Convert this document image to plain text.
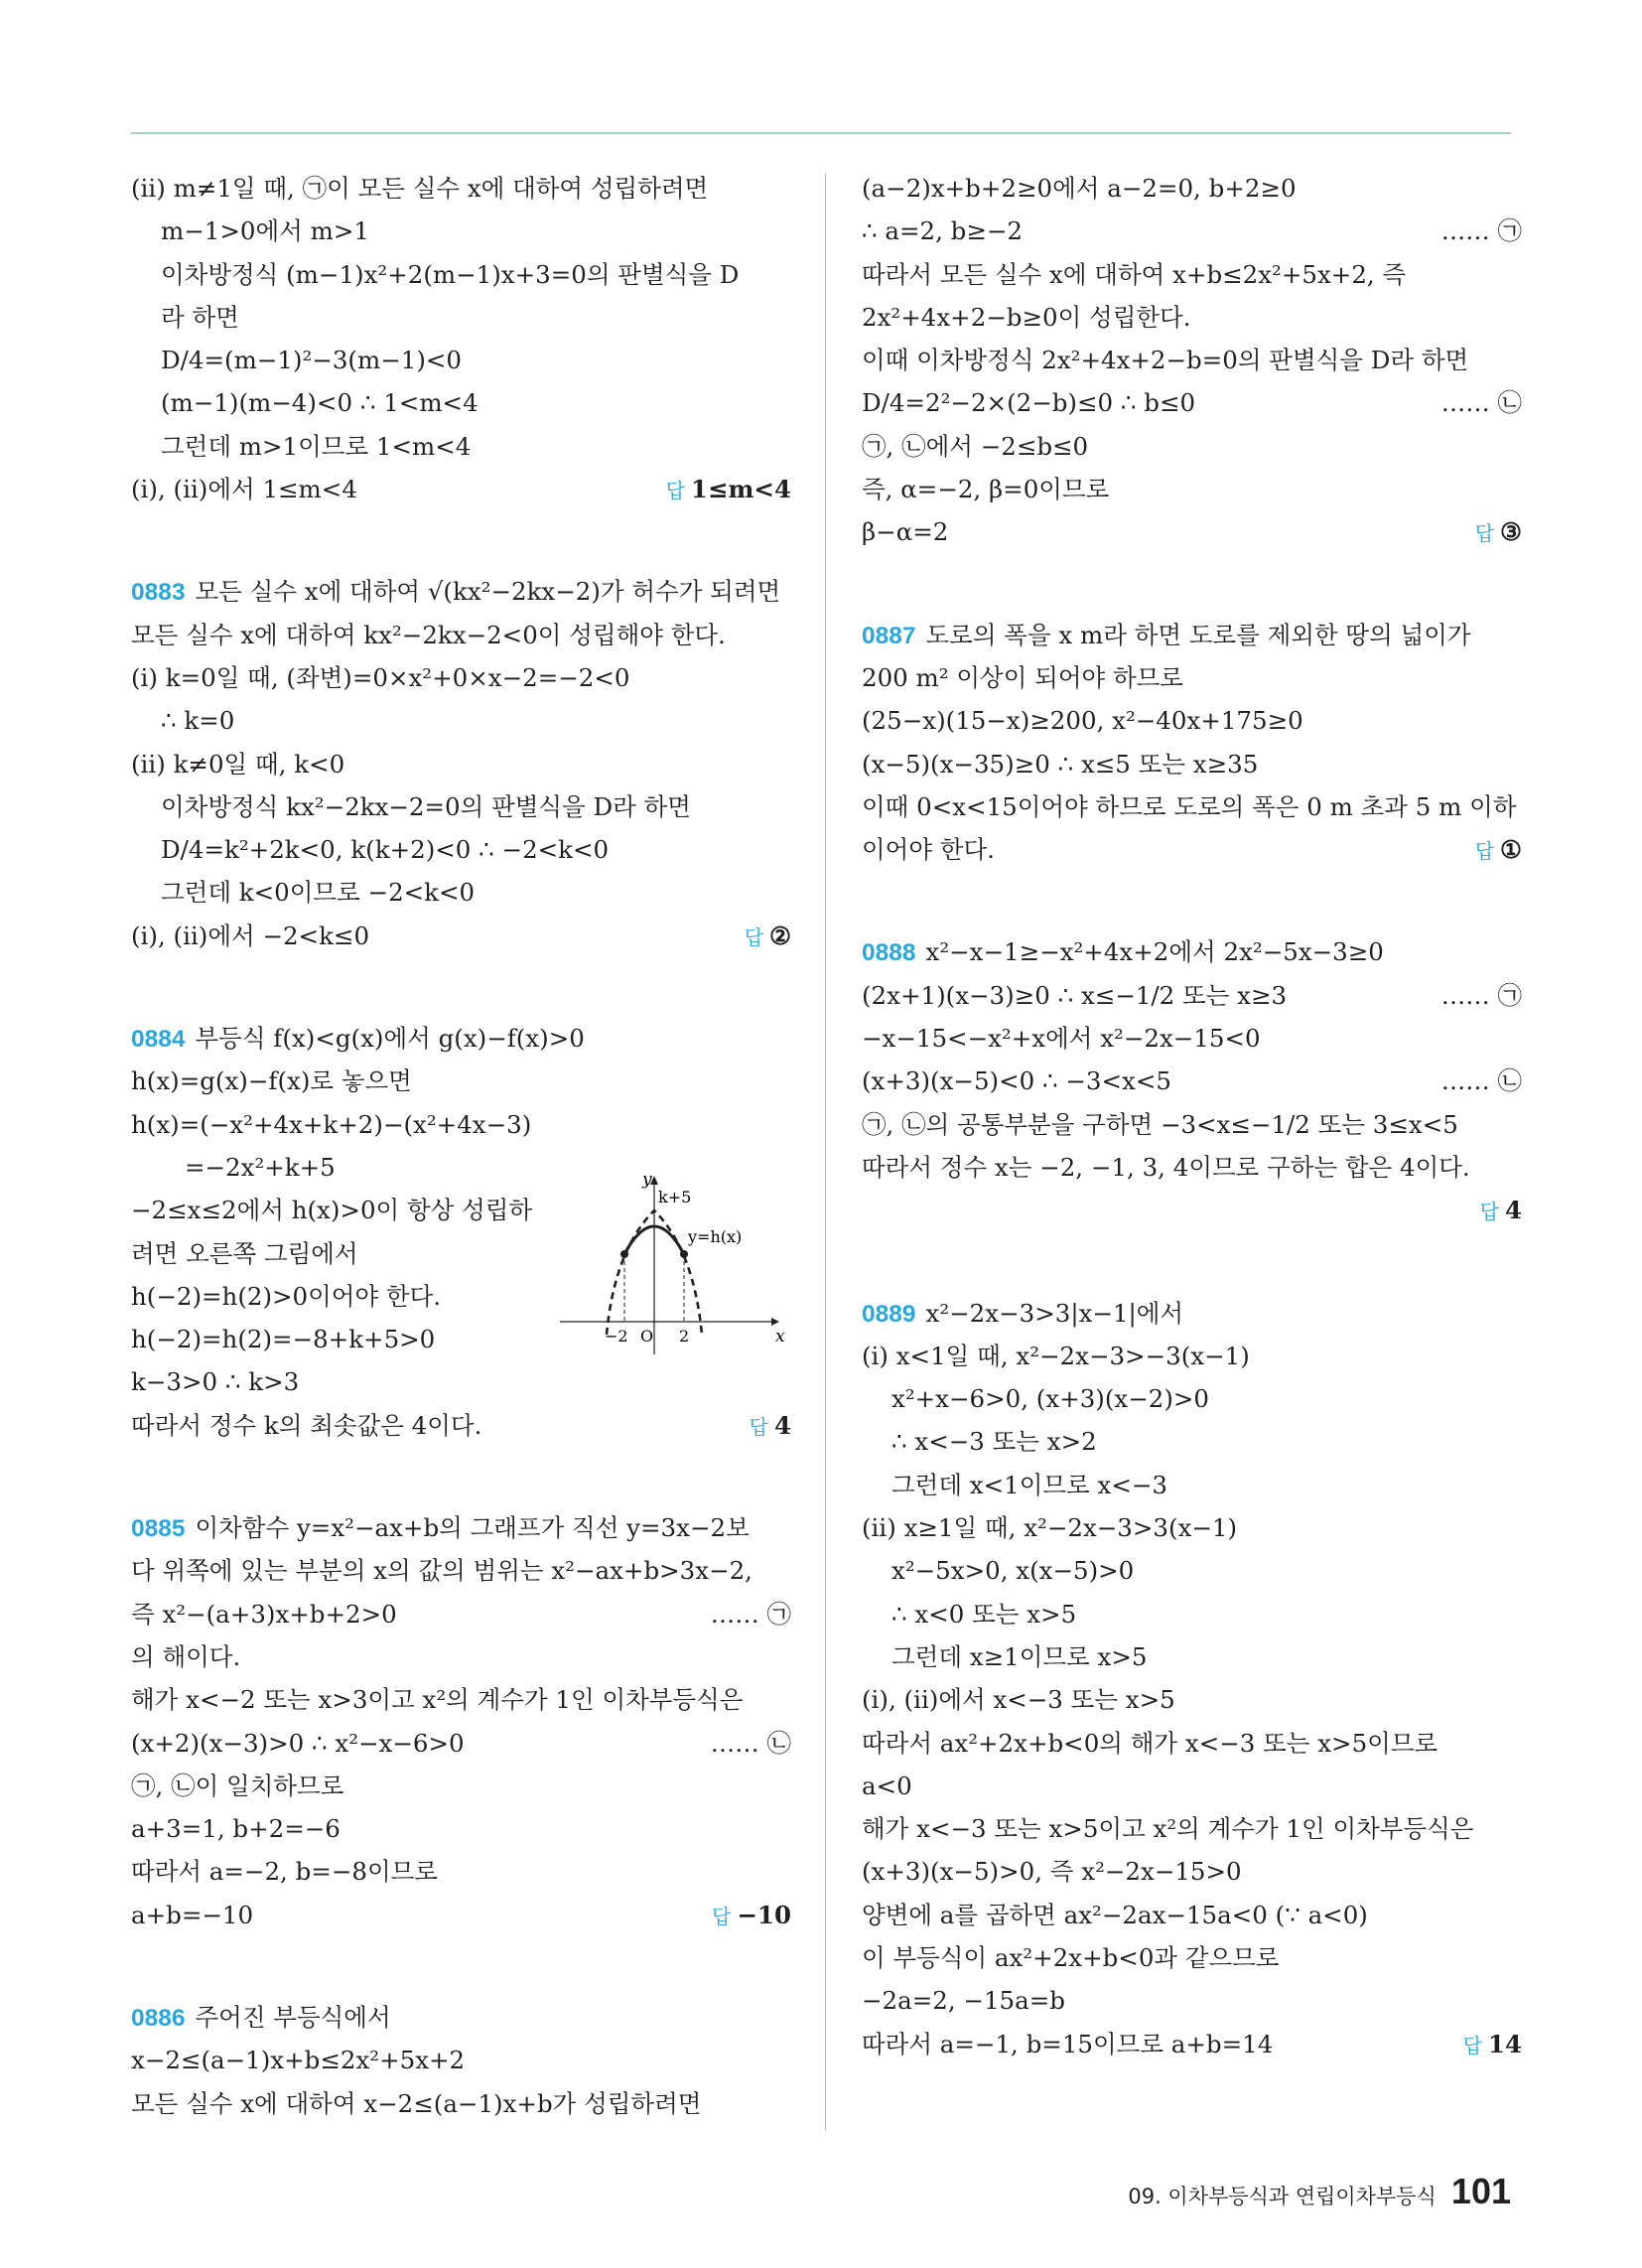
(ⅱ) m≠1일 때, ㉠이 모든 실수 x에 대하여 성립하려면
m−1>0에서 m>1
이차방정식 (m−1)x²+2(m−1)x+3=0의 판별식을 D
라 하면
D/4=(m−1)²−3(m−1)<0
(m−1)(m−4)<0 ∴ 1<m<4
그런데 m>1이므로 1<m<4
(ⅰ), (ⅱ)에서 1≤m<4	답 1≤m<4
0883 모든 실수 x에 대하여 √(kx²−2kx−2)가 허수가 되려면
모든 실수 x에 대하여 kx²−2kx−2<0이 성립해야 한다.
(ⅰ) k=0일 때, (좌변)=0×x²+0×x−2=−2<0
∴ k=0
(ⅱ) k≠0일 때, k<0
이차방정식 kx²−2kx−2=0의 판별식을 D라 하면
D/4=k²+2k<0, k(k+2)<0 ∴ −2<k<0
그런데 k<0이므로 −2<k<0
(ⅰ), (ⅱ)에서 −2<k≤0	답 ②
0884 부등식 f(x)<g(x)에서 g(x)−f(x)>0
h(x)=g(x)−f(x)로 놓으면
h(x)=(−x²+4x+k+2)−(x²+4x−3)
=−2x²+k+5
−2≤x≤2에서 h(x)>0이 항상 성립하
y
x
O
k+5
y=h(x)
−2	2
려면 오른쪽 그림에서
h(−2)=h(2)>0이어야 한다.
h(−2)=h(2)=−8+k+5>0
k−3>0 ∴ k>3
따라서 정수 k의 최솟값은 4이다.	답 4
0885 이차함수 y=x²−ax+b의 그래프가 직선 y=3x−2보
다 위쪽에 있는 부분의 x의 값의 범위는 x²−ax+b>3x−2,
즉 x²−(a+3)x+b+2>0	…… ㉠
의 해이다.
해가 x<−2 또는 x>3이고 x²의 계수가 1인 이차부등식은
(x+2)(x−3)>0 ∴ x²−x−6>0	…… ㉡
㉠, ㉡이 일치하므로
a+3=1, b+2=−6
따라서 a=−2, b=−8이므로
a+b=−10	답 −10
0886 주어진 부등식에서
x−2≤(a−1)x+b≤2x²+5x+2
모든 실수 x에 대하여 x−2≤(a−1)x+b가 성립하려면
(a−2)x+b+2≥0에서 a−2=0, b+2≥0
∴ a=2, b≥−2	…… ㉠
따라서 모든 실수 x에 대하여 x+b≤2x²+5x+2, 즉
2x²+4x+2−b≥0이 성립한다.
이때 이차방정식 2x²+4x+2−b=0의 판별식을 D라 하면
D/4=2²−2×(2−b)≤0 ∴ b≤0	…… ㉡
㉠, ㉡에서 −2≤b≤0
즉, α=−2, β=0이므로
β−α=2	답 ③
0887 도로의 폭을 x m라 하면 도로를 제외한 땅의 넓이가
200 m² 이상이 되어야 하므로
(25−x)(15−x)≥200, x²−40x+175≥0
(x−5)(x−35)≥0 ∴ x≤5 또는 x≥35
이때 0<x<15이어야 하므로 도로의 폭은 0 m 초과 5 m 이하
이어야 한다.	답 ①
0888 x²−x−1≥−x²+4x+2에서 2x²−5x−3≥0
(2x+1)(x−3)≥0 ∴ x≤−1/2 또는 x≥3	…… ㉠
−x−15<−x²+x에서 x²−2x−15<0
(x+3)(x−5)<0 ∴ −3<x<5	…… ㉡
㉠, ㉡의 공통부분을 구하면 −3<x≤−1/2 또는 3≤x<5
따라서 정수 x는 −2, −1, 3, 4이므로 구하는 합은 4이다.
답 4
0889 x²−2x−3>3|x−1|에서
(ⅰ) x<1일 때, x²−2x−3>−3(x−1)
x²+x−6>0, (x+3)(x−2)>0
∴ x<−3 또는 x>2
그런데 x<1이므로 x<−3
(ⅱ) x≥1일 때, x²−2x−3>3(x−1)
x²−5x>0, x(x−5)>0
∴ x<0 또는 x>5
그런데 x≥1이므로 x>5
(ⅰ), (ⅱ)에서 x<−3 또는 x>5
따라서 ax²+2x+b<0의 해가 x<−3 또는 x>5이므로
a<0
해가 x<−3 또는 x>5이고 x²의 계수가 1인 이차부등식은
(x+3)(x−5)>0, 즉 x²−2x−15>0
양변에 a를 곱하면 ax²−2ax−15a<0 (∵ a<0)
이 부등식이 ax²+2x+b<0과 같으므로
−2a=2, −15a=b
따라서 a=−1, b=15이므로 a+b=14	답 14
09. 이차부등식과 연립이차부등식 101
